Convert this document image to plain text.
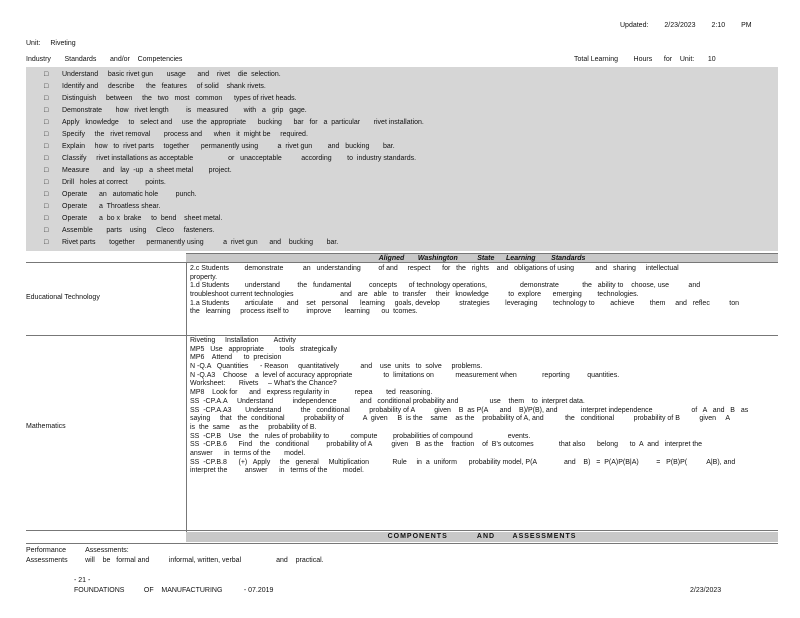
Updated: 2/23/2023 2:10 PM
Unit: Riveting
Industry       Standards       and/or    Competencies	Total Learning        Hours      for    Unit:       10
□ Understand     basic rivet gun       usage      and    rivet    die  selection.
□ Identify and     describe      the   features     of solid    shank rivets.
□ Distinguish     between     the   two   most   common      types of rivet heads.
□ Demonstrate       how   rivet length         is   measured        with   a   grip   gage.
□ Apply   knowledge     to   select and     use  the  appropriate      bucking      bar   for   a  particular       rivet installation.
□ Specify     the   rivet removal       process and      when   it  might be     required.
□ Explain     how   to  rivet parts     together      permanently using          a  rivet gun        and   bucking       bar.
□ Classify     rivet installations as acceptable                  or   unacceptable          according        to  industry standards.
□ Measure       and   lay  -up   a  sheet metal        project.
□ Drill   holes at correct         points.
□ Operate      an   automatic hole         punch.
□ Operate      a  Throatless shear.
□ Operate      a  bo x  brake     to  bend    sheet metal.
□ Assemble       parts    using     Cleco     fasteners.
□ Rivet parts       together      permanently using          a  rivet gun      and    bucking       bar.
Aligned       Washington          State      Learning        Standards
Educational Technology
2.c Students        demonstrate          an   understanding         of and     respect      for   the   rights    and   obligations of using           and   sharing     intellectual
property.
1.d Students        understand         the   fundamental         concepts      of technology operations,                 demonstrate            the   ability to    choose, use          and
troubleshoot current technologies                        and   are   able   to  transfer     their   knowledge          to  explore      emerging        technologies.
1.a Students        articulate       and    set   personal      learning     goals, develop          strategies        leveraging        technology to        achieve        them     and   reflec          ton
the   learning     process itself to         improve       learning      ou  tcomes.
Mathematics
Riveting     Installation        Activity
MP5   Use   appropriate        tools   strategically
MP6    Attend      to  precision
N -Q.A   Quantities      - Reason     quantitatively           and    use  units   to  solve     problems.
N -Q.A3    Choose    a  level of accuracy appropriate                to  limitations on           measurement when             reporting         quantities.
Worksheet:       Rivets     – What’s the Chance?
MP8    Look for      and   express regularity in             repea       ted  reasoning.
SS  -CP.A.A     Understand          independence            and   conditional probability and                use    them    to  interpret data.
SS  -CP.A.A3       Understand          the   conditional          probability of A          given    B  as P(A      and    B)/P(B), and            interpret independence                    of   A   and   B   as
saying     that   the  conditional          probability of          A  given     B  is the    same    as the    probability of A, and           the   conditional          probability of B          given     A
is  the  same     as the     probability of B.
SS  -CP.B    Use    the   rules of probability to           compute        probabilities of compound                  events.
SS  -CP.B.6      Find    the   conditional         probability of A          given    B  as the    fraction    of  B's outcomes             that also      belong      to  A  and   interpret the
answer      in  terms of the       model.
SS  -CP.B.8      (+)   Apply     the   general     Multiplication            Rule     in  a  uniform      probability model, P(A              and    B)   =  P(A)P(B|A)         =   P(B)P(          A|B), and
interpret the         answer      in   terms of the        model.
COMPONENTS          AND      ASSESSMENTS
Performance          Assessments:
Assessments         will    be   formal and          informal, written, verbal                  and    practical.
- 21 -
FOUNDATIONS          OF    MANUFACTURING           - 07.2019	2/23/2023
